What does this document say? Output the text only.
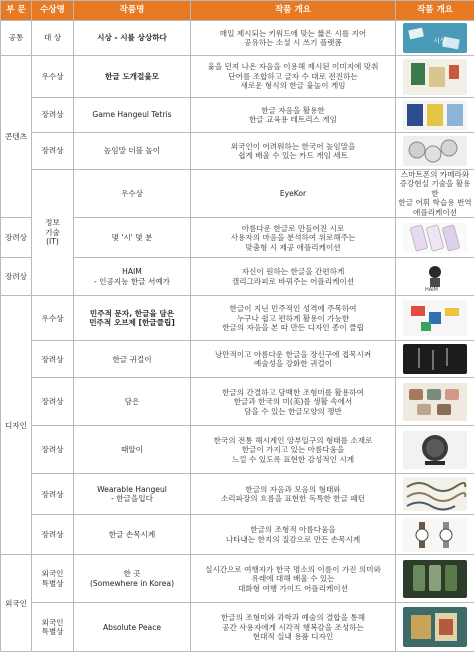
부 문	수상명	작품명	작품 개요	작품 개요	
공통	대 상	시상 - 시를 상상하다	매일 제시되는 키워드에 맞는 짧은 시를 지어
공유하는 소셜 시 쓰기 플랫폼	시상	

콘텐츠	우수상	한글 도개걸윷모	윷을 던져 나온 자음을 이용해 제시된 이미지에 맞춰
단어를 조합하고 글자 수 대로 전진하는
새로운 형식의 한글 윷놀이 게임

	장려상	Game Hangeul Tetris	한글 자음을 활용한
한글 교육용 테트리스 게임

	장려상	높임말 더블 놀이	외국인이 어려워하는 한국어 높임말을
쉽게 배울 수 있는 카드 게임 세트

	정보
기술
(IT)	우수상	EyeKor	스마트폰의 카메라와 증강현실 기술을 활용한
한글 어휘 학습용 번역 애플리케이션

장려상		몇 '시' 몇 분	아름다운 한글로 만들어진 시로
사용자의 마음을 분석하여 위로해주는
맞춤형 시 제공 애플리케이션

장려상		HAIM
- 인공지능 한글 서예가	자신이 원하는 한글을 간편하게
캘리그라피로 바꿔주는 어플리케이션	HAIM	

디자인	우수상	민주적 문자, 한글을 담은
민주적 오브제 [한글클립]	한글이 지닌 민주적인 성격에 주목하여
누구나 쉽고 편하게 활용이 가능한
한글의 자음을 본 따 만든 디자인 종이 클립

	장려상	한글 귀걸이	낭만적이고 아름다운 한글을 장신구에 접목시켜
예술성을 강화한 귀걸이

	장려상	담은	한글의 간결하고 담백한 조형미를 활용하여
한글과 한국의 미(美)를 생활 속에서
담을 수 있는 한글모양의 쟁반

	장려상	때알이	한국의 전통 해시계인 앙부일구의 형태를 소재로
한글이 가지고 있는 아름다움을
느낄 수 있도록 표현한 감성적인 시계

	장려상	Wearable Hangeul
- 한글을입다	한글의 자음과 모음의 형태와
소리파장의 흐름을 표현한 독특한 한글 패턴

	장려상	한글 손목시계	한글의 조형적 아름다움을
나타내는 한지의 질감으로 만든 손목시계

외국인	외국인
특별상	한 곳
(Somewhere in Korea)	실시간으로 여행자가 한국 명소의 이름이 가진 의미와
유래에 대해 배울 수 있는
대화형 여행 가이드 어플리케이션

	외국인
특별상	Absolute Peace	한글의 조형미와 과학과 예술의 결합을 통해
공간 사용자에게 시각적 행복감을 조성하는
현대적 실내 용품 디자인
